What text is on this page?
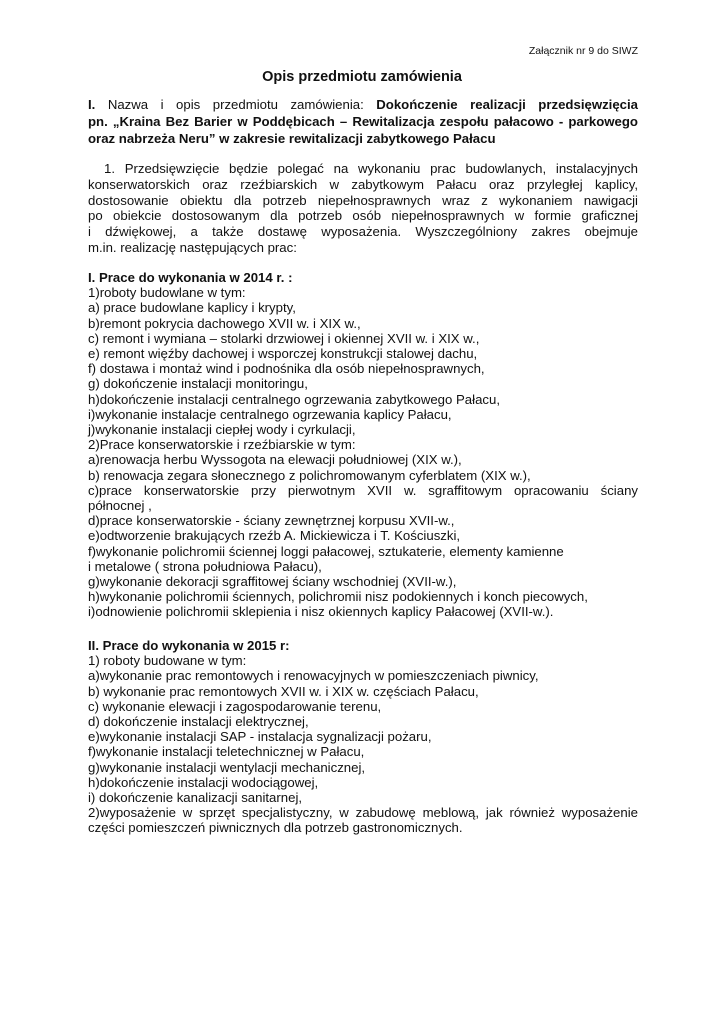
Załącznik nr 9 do SIWZ
Opis przedmiotu zamówienia
I. Nazwa i opis przedmiotu zamówienia: Dokończenie realizacji przedsięwzięcia
pn. „Kraina Bez Barier w Poddębicach – Rewitalizacja zespołu pałacowo - parkowego
oraz nabrzeża Neru” w zakresie rewitalizacji zabytkowego Pałacu
1. Przedsięwzięcie będzie polegać na wykonaniu prac budowlanych, instalacyjnych
konserwatorskich oraz rzeźbiarskich w zabytkowym Pałacu oraz przyległej kaplicy,
dostosowanie obiektu dla potrzeb niepełnosprawnych wraz z wykonaniem nawigacji
po obiekcie dostosowanym dla potrzeb osób niepełnosprawnych w formie graficznej
i dźwiękowej, a także dostawę wyposażenia. Wyszczególniony zakres obejmuje
m.in. realizację następujących prac:
I. Prace do wykonania w 2014 r. :
1)roboty budowlane w tym:
a) prace budowlane kaplicy i krypty,
b)remont pokrycia dachowego XVII w. i XIX w.,
c) remont i wymiana – stolarki drzwiowej i okiennej XVII w. i XIX w.,
e) remont więźby dachowej i wsporczej konstrukcji stalowej dachu,
f) dostawa i montaż wind i podnośnika dla osób niepełnosprawnych,
g) dokończenie instalacji monitoringu,
h)dokończenie instalacji centralnego ogrzewania zabytkowego Pałacu,
i)wykonanie instalacje centralnego ogrzewania kaplicy Pałacu,
j)wykonanie instalacji ciepłej wody i cyrkulacji,
2)Prace konserwatorskie i rzeźbiarskie w tym:
a)renowacja herbu Wyssogota na elewacji południowej (XIX w.),
b) renowacja zegara słonecznego z polichromowanym cyferblatem (XIX w.),
c)prace konserwatorskie przy pierwotnym XVII w. sgraffitowym opracowaniu ściany
północnej ,
d)prace konserwatorskie - ściany zewnętrznej korpusu XVII-w.,
e)odtworzenie brakujących rzeźb A. Mickiewicza i T. Kościuszki,
f)wykonanie polichromii ściennej loggi pałacowej, sztukaterie, elementy kamienne
i metalowe ( strona południowa Pałacu),
g)wykonanie dekoracji sgraffitowej ściany wschodniej (XVII-w.),
h)wykonanie polichromii ściennych, polichromii nisz podokiennych i konch piecowych,
i)odnowienie polichromii sklepienia i nisz okiennych kaplicy Pałacowej (XVII-w.).
II. Prace do wykonania w 2015 r:
1) roboty budowane w tym:
a)wykonanie prac remontowych i renowacyjnych w pomieszczeniach piwnicy,
b) wykonanie prac remontowych XVII w. i XIX w. częściach Pałacu,
c) wykonanie elewacji i zagospodarowanie terenu,
d) dokończenie instalacji elektrycznej,
e)wykonanie instalacji SAP - instalacja sygnalizacji pożaru,
f)wykonanie instalacji teletechnicznej w Pałacu,
g)wykonanie instalacji wentylacji mechanicznej,
h)dokończenie instalacji wodociągowej,
i) dokończenie kanalizacji sanitarnej,
2)wyposażenie w sprzęt specjalistyczny, w zabudowę meblową, jak również wyposażenie
części pomieszczeń piwnicznych dla potrzeb gastronomicznych.
